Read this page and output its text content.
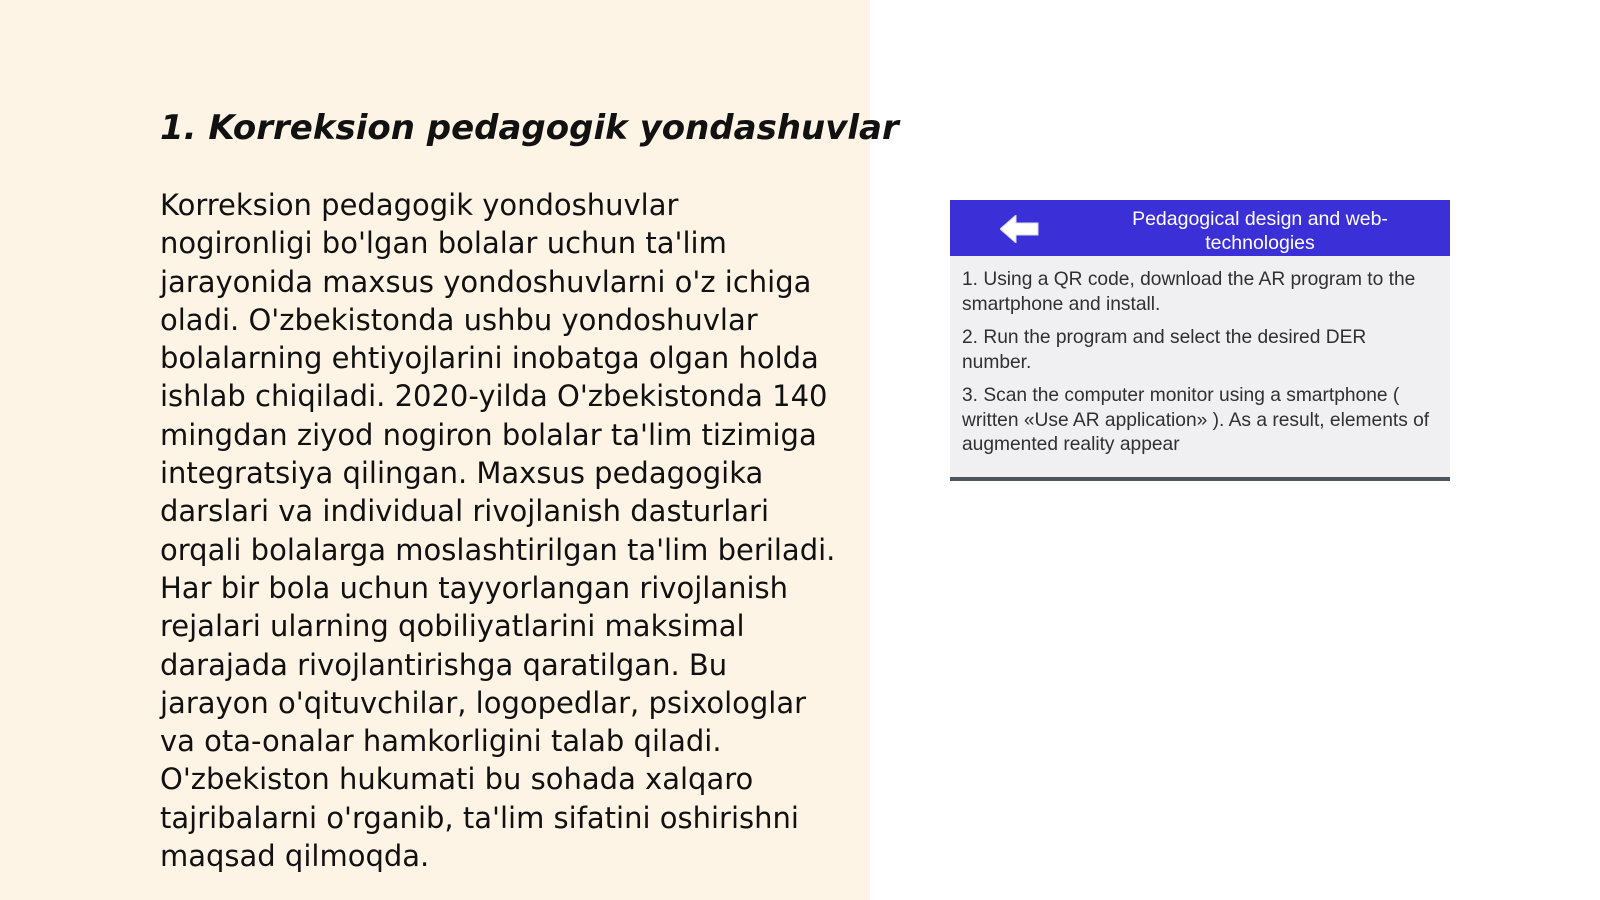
1. Korreksion pedagogik yondashuvlar

Korreksion pedagogik yondoshuvlar nogironligi bo'lgan bolalar uchun ta'lim jarayonida maxsus yondoshuvlarni o'z ichiga oladi. O'zbekistonda ushbu yondoshuvlar bolalarning ehtiyojlarini inobatga olgan holda ishlab chiqiladi. 2020-yilda O'zbekistonda 140 mingdan ziyod nogiron bolalar ta'lim tizimiga integratsiya qilingan. Maxsus pedagogika darslari va individual rivojlanish dasturlari orqali bolalarga moslashtirilgan ta'lim beriladi. Har bir bola uchun tayyorlangan rivojlanish rejalari ularning qobiliyatlarini maksimal darajada rivojlantirishga qaratilgan. Bu jarayon o'qituvchilar, logopedlar, psixologlar va ota-onalar hamkorligini talab qiladi. O'zbekiston hukumati bu sohada xalqaro tajribalarni o'rganib, ta'lim sifatini oshirishni maqsad qilmoqda.

Pedagogical design and web-technologies
1. Using a QR code, download the AR program to the smartphone and install.
2. Run the program and select the desired DER number.
3. Scan the computer monitor using a smartphone ( written «Use AR application» ). As a result, elements of augmented reality appear
